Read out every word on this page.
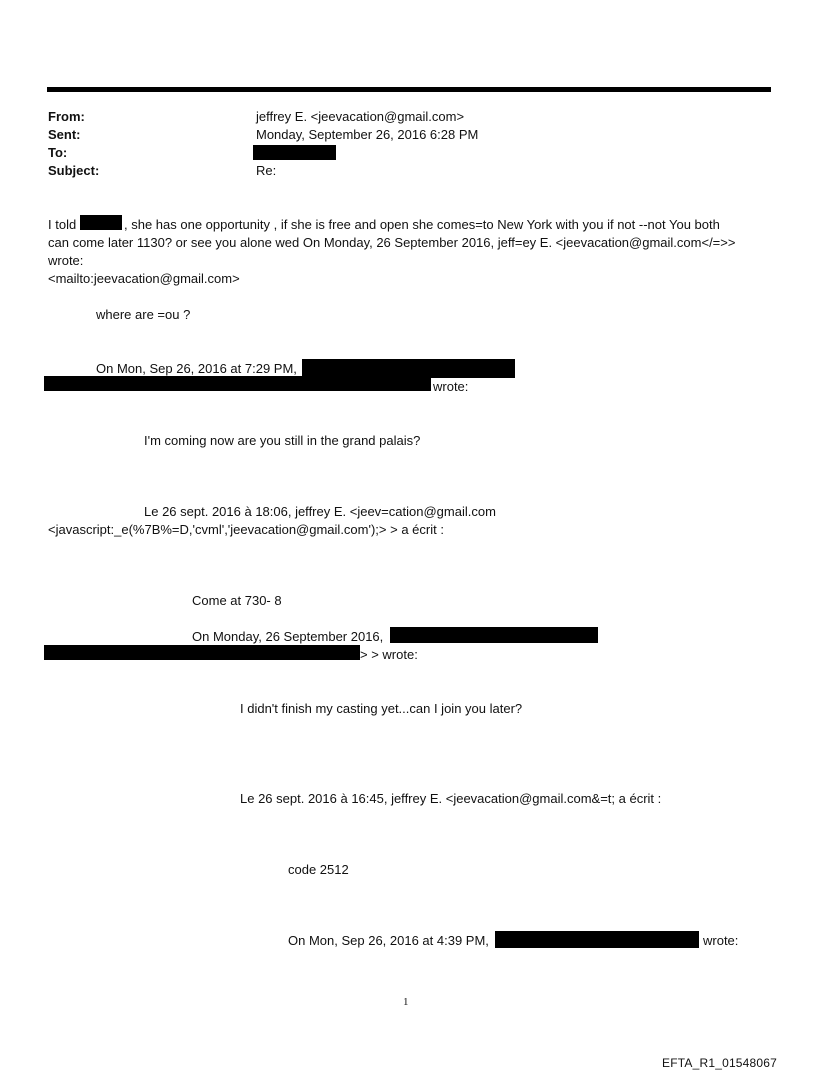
From:	jeffrey E. <jeevacation@gmail.com>
Sent:	Monday, September 26, 2016 6:28 PM
To:
Subject:	Re:
I told	, she has one opportunity , if she is free and open she comes=to New York with you if not --not You both
can come later 1130? or see you alone wed On Monday, 26 September 2016, jeff=ey E. <jeevacation@gmail.com</=>>
wrote:
<mailto:jeevacation@gmail.com>
where are =ou ?
On Mon, Sep 26, 2016 at 7:29 PM,
wrote:
I'm coming now are you still in the grand palais?
Le 26 sept. 2016 à 18:06, jeffrey E. <jeev=cation@gmail.com
<javascript:_e(%7B%=D,'cvml','jeevacation@gmail.com');> > a écrit :
Come at 730- 8
On Monday, 26 September 2016,
> > wrote:
I didn't finish my casting yet...can I join you later?
Le 26 sept. 2016 à 16:45, jeffrey E. <jeevacation@gmail.com&=t; a écrit :
code 2512
On Mon, Sep 26, 2016 at 4:39 PM,	wrote:
1
EFTA_R1_01548067
